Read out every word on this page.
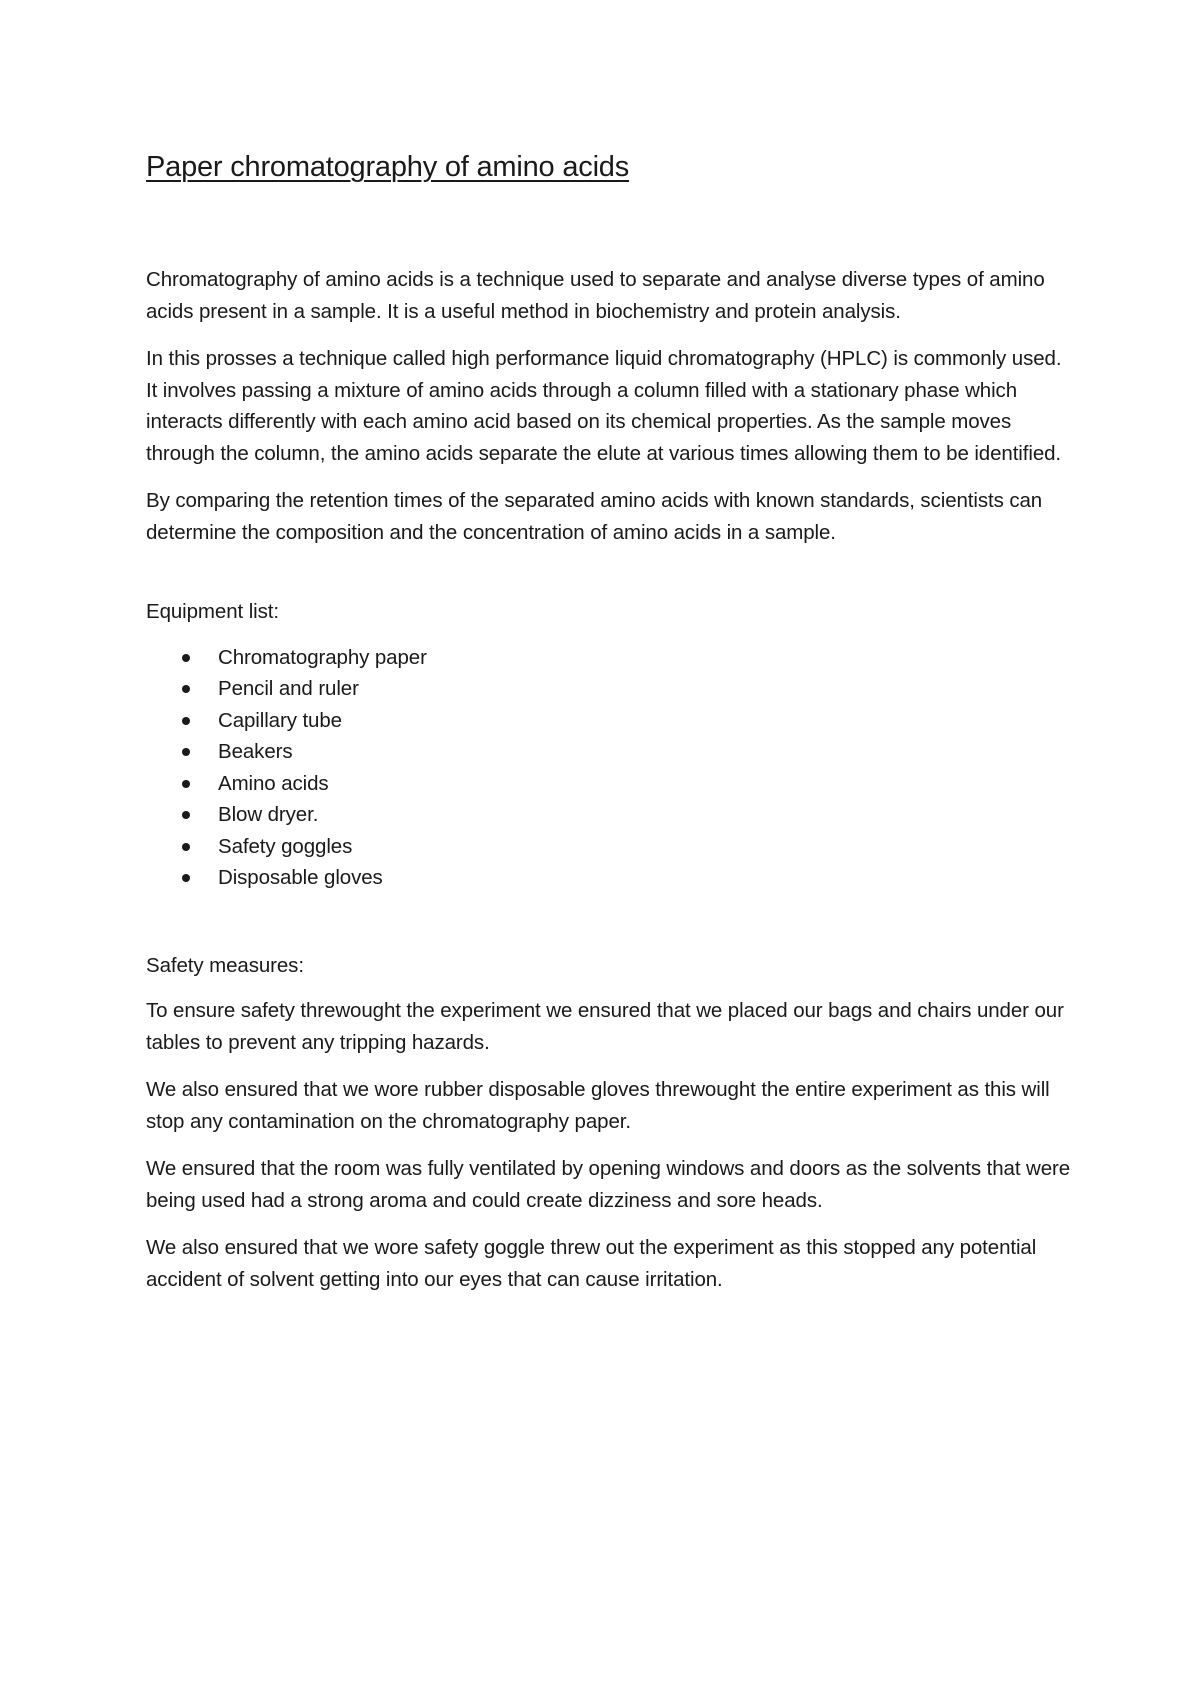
Paper chromatography of amino acids

Chromatography of amino acids is a technique used to separate and analyse diverse types of amino acids present in a sample. It is a useful method in biochemistry and protein analysis.

In this prosses a technique called high performance liquid chromatography (HPLC) is commonly used. It involves passing a mixture of amino acids through a column filled with a stationary phase which interacts differently with each amino acid based on its chemical properties. As the sample moves through the column, the amino acids separate the elute at various times allowing them to be identified.

By comparing the retention times of the separated amino acids with known standards, scientists can determine the composition and the concentration of amino acids in a sample.

Equipment list:

Chromatography paper
Pencil and ruler
Capillary tube
Beakers
Amino acids
Blow dryer.
Safety goggles
Disposable gloves

Safety measures:

To ensure safety threwought the experiment we ensured that we placed our bags and chairs under our tables to prevent any tripping hazards.

We also ensured that we wore rubber disposable gloves threwought the entire experiment as this will stop any contamination on the chromatography paper.

We ensured that the room was fully ventilated by opening windows and doors as the solvents that were being used had a strong aroma and could create dizziness and sore heads.

We also ensured that we wore safety goggle threw out the experiment as this stopped any potential accident of solvent getting into our eyes that can cause irritation.
